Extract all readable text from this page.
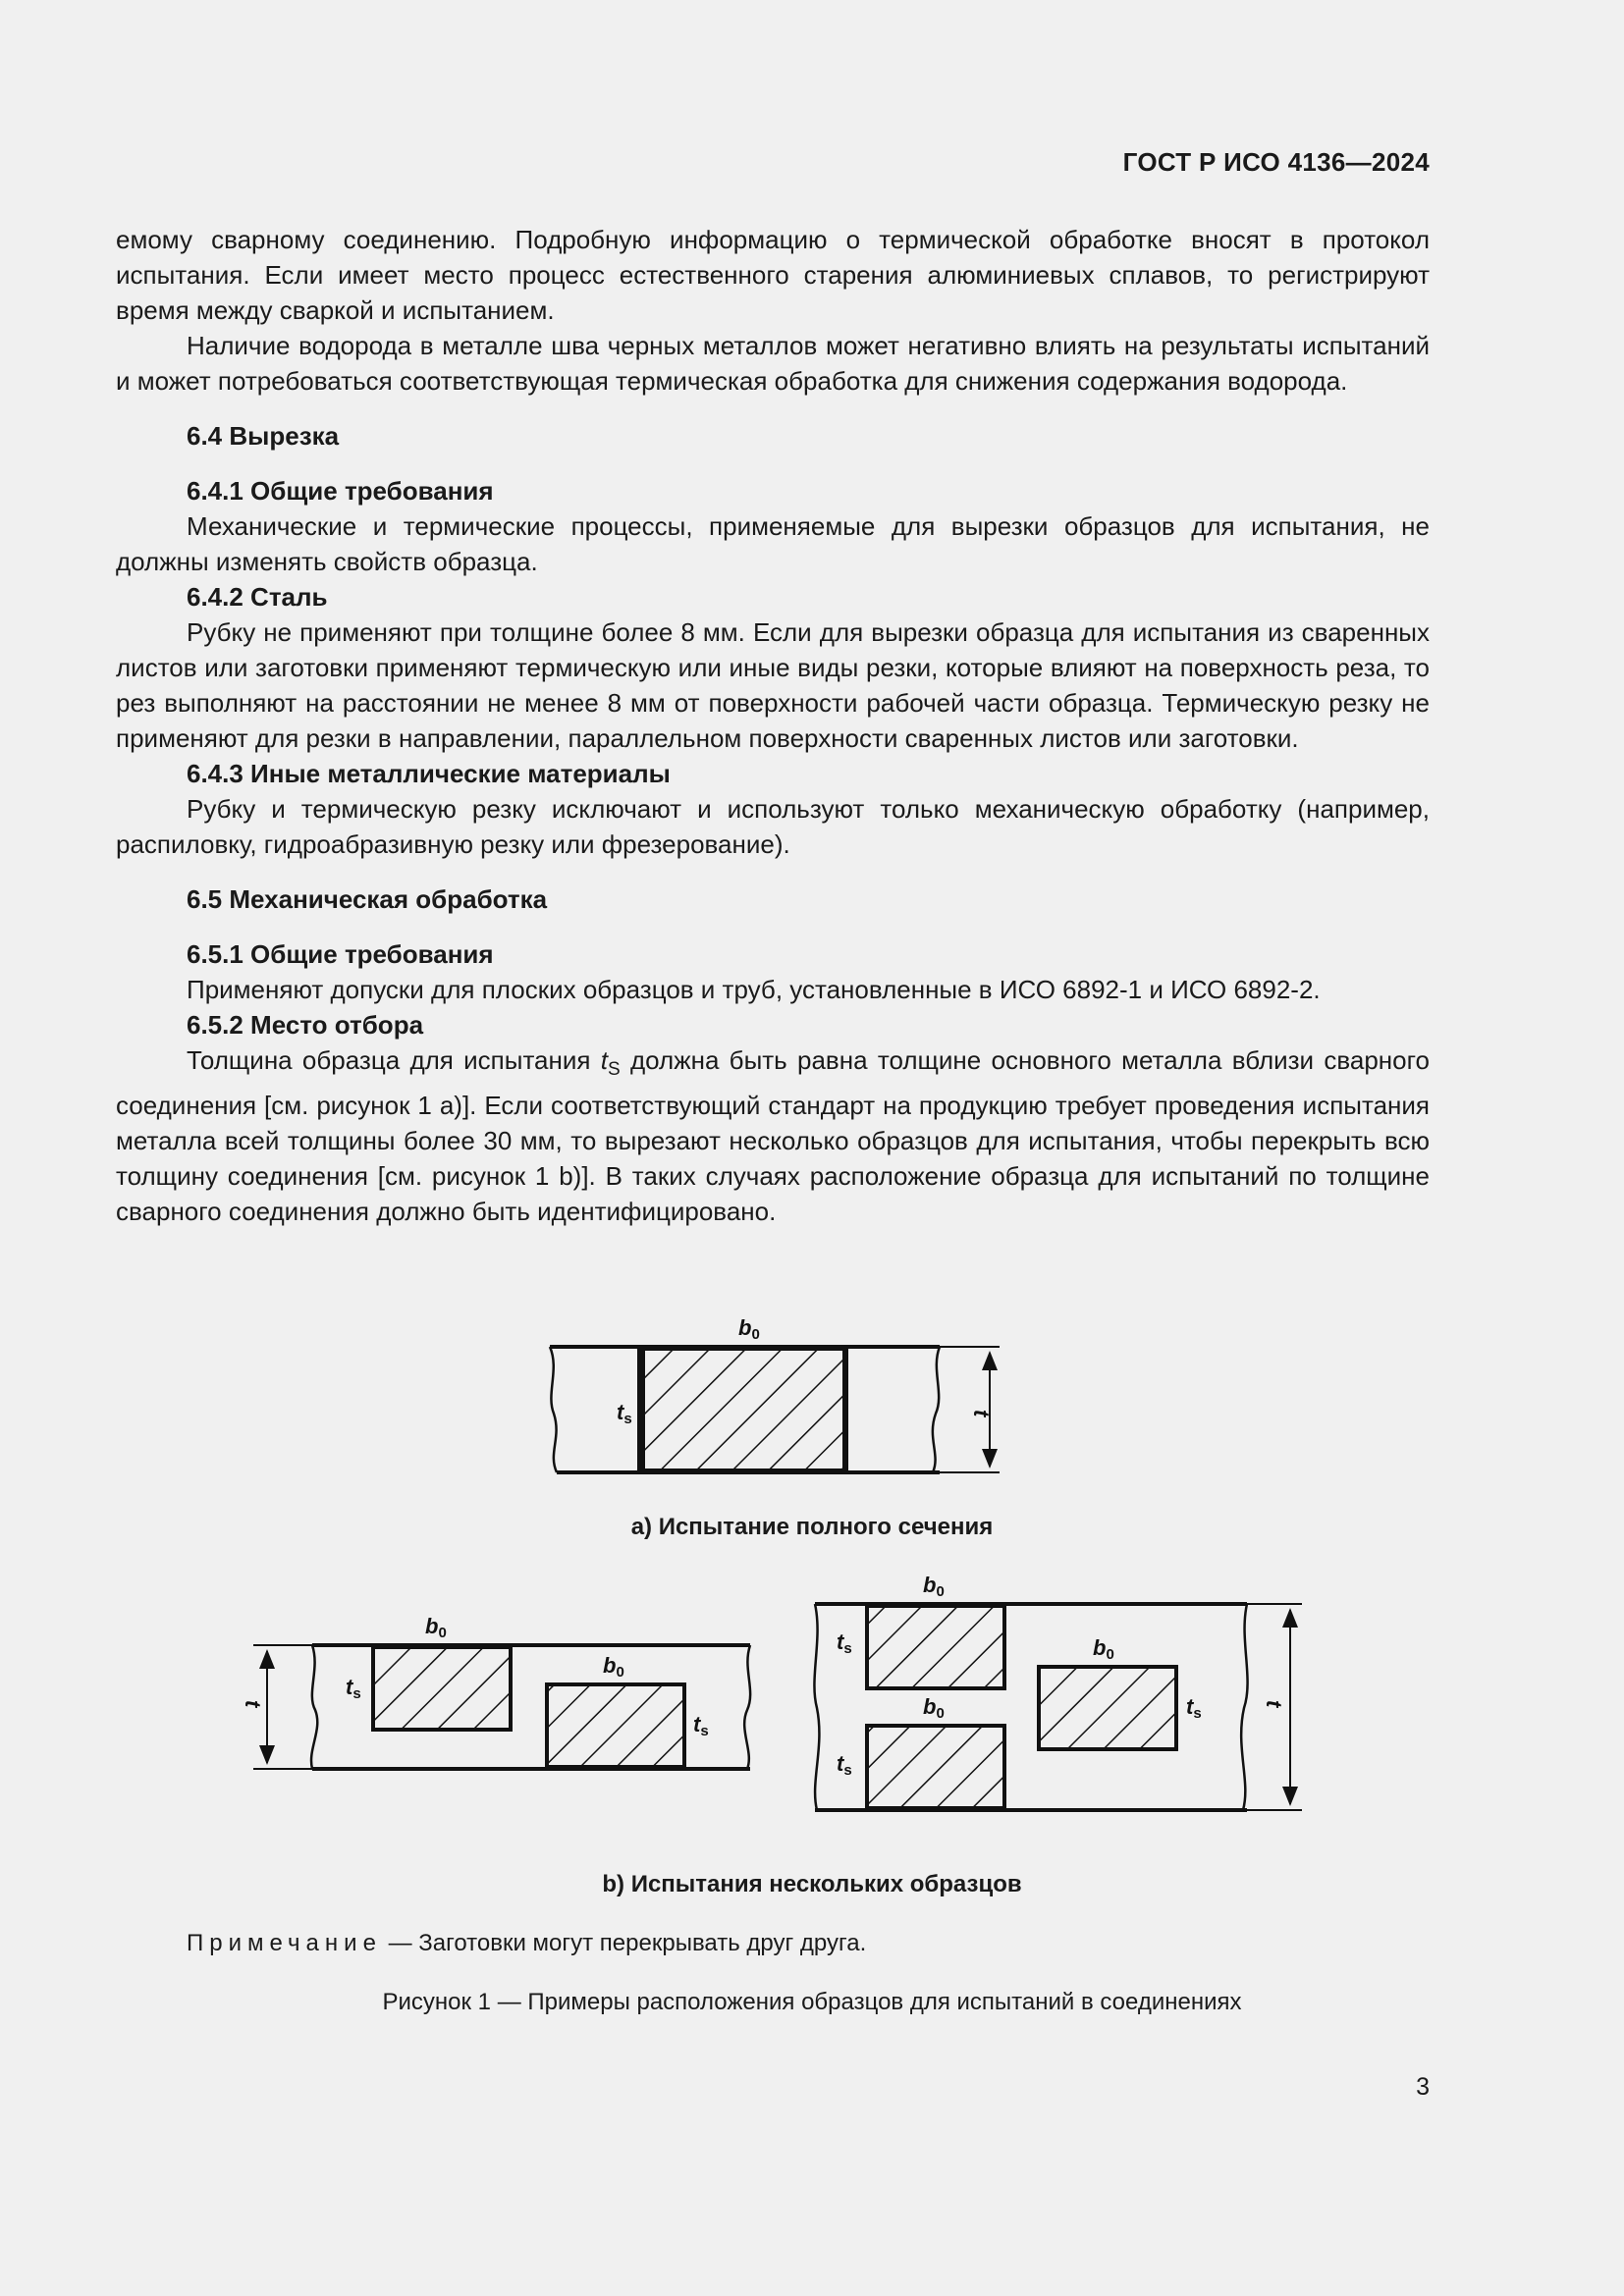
ГОСТ Р ИСО 4136—2024

емому сварному соединению. Подробную информацию о термической обработке вносят в протокол испытания. Если имеет место процесс естественного старения алюминиевых сплавов, то регистрируют время между сваркой и испытанием.

Наличие водорода в металле шва черных металлов может негативно влиять на результаты испытаний и может потребоваться соответствующая термическая обработка для снижения содержания водорода.

6.4 Вырезка

6.4.1 Общие требования

Механические и термические процессы, применяемые для вырезки образцов для испытания, не должны изменять свойств образца.

6.4.2 Сталь

Рубку не применяют при толщине более 8 мм. Если для вырезки образца для испытания из сваренных листов или заготовки применяют термическую или иные виды резки, которые влияют на поверхность реза, то рез выполняют на расстоянии не менее 8 мм от поверхности рабочей части образца. Термическую резку не применяют для резки в направлении, параллельном поверхности сваренных листов или заготовки.

6.4.3 Иные металлические материалы

Рубку и термическую резку исключают и используют только механическую обработку (например, распиловку, гидроабразивную резку или фрезерование).

6.5 Механическая обработка

6.5.1 Общие требования

Применяют допуски для плоских образцов и труб, установленные в ИСО 6892-1 и ИСО 6892-2.

6.5.2 Место отбора

Толщина образца для испытания $t_S$ должна быть равна толщине основного металла вблизи сварного соединения [см. рисунок 1 а)]. Если соответствующий стандарт на продукцию требует проведения испытания металла всей толщины более 30 мм, то вырезают несколько образцов для испытания, чтобы перекрыть всю толщину соединения [см. рисунок 1 b)]. В таких случаях расположение образца для испытаний по толщине сварного соединения должно быть идентифицировано.

b0
ts	t
b0
b0
ts
ts
t
b0
b0
b0
ts
ts
ts
t
а) Испытание полного сечения
b) Испытания нескольких образцов
Примечание — Заготовки могут перекрывать друг друга.
Рисунок 1 — Примеры расположения образцов для испытаний в соединениях
3
